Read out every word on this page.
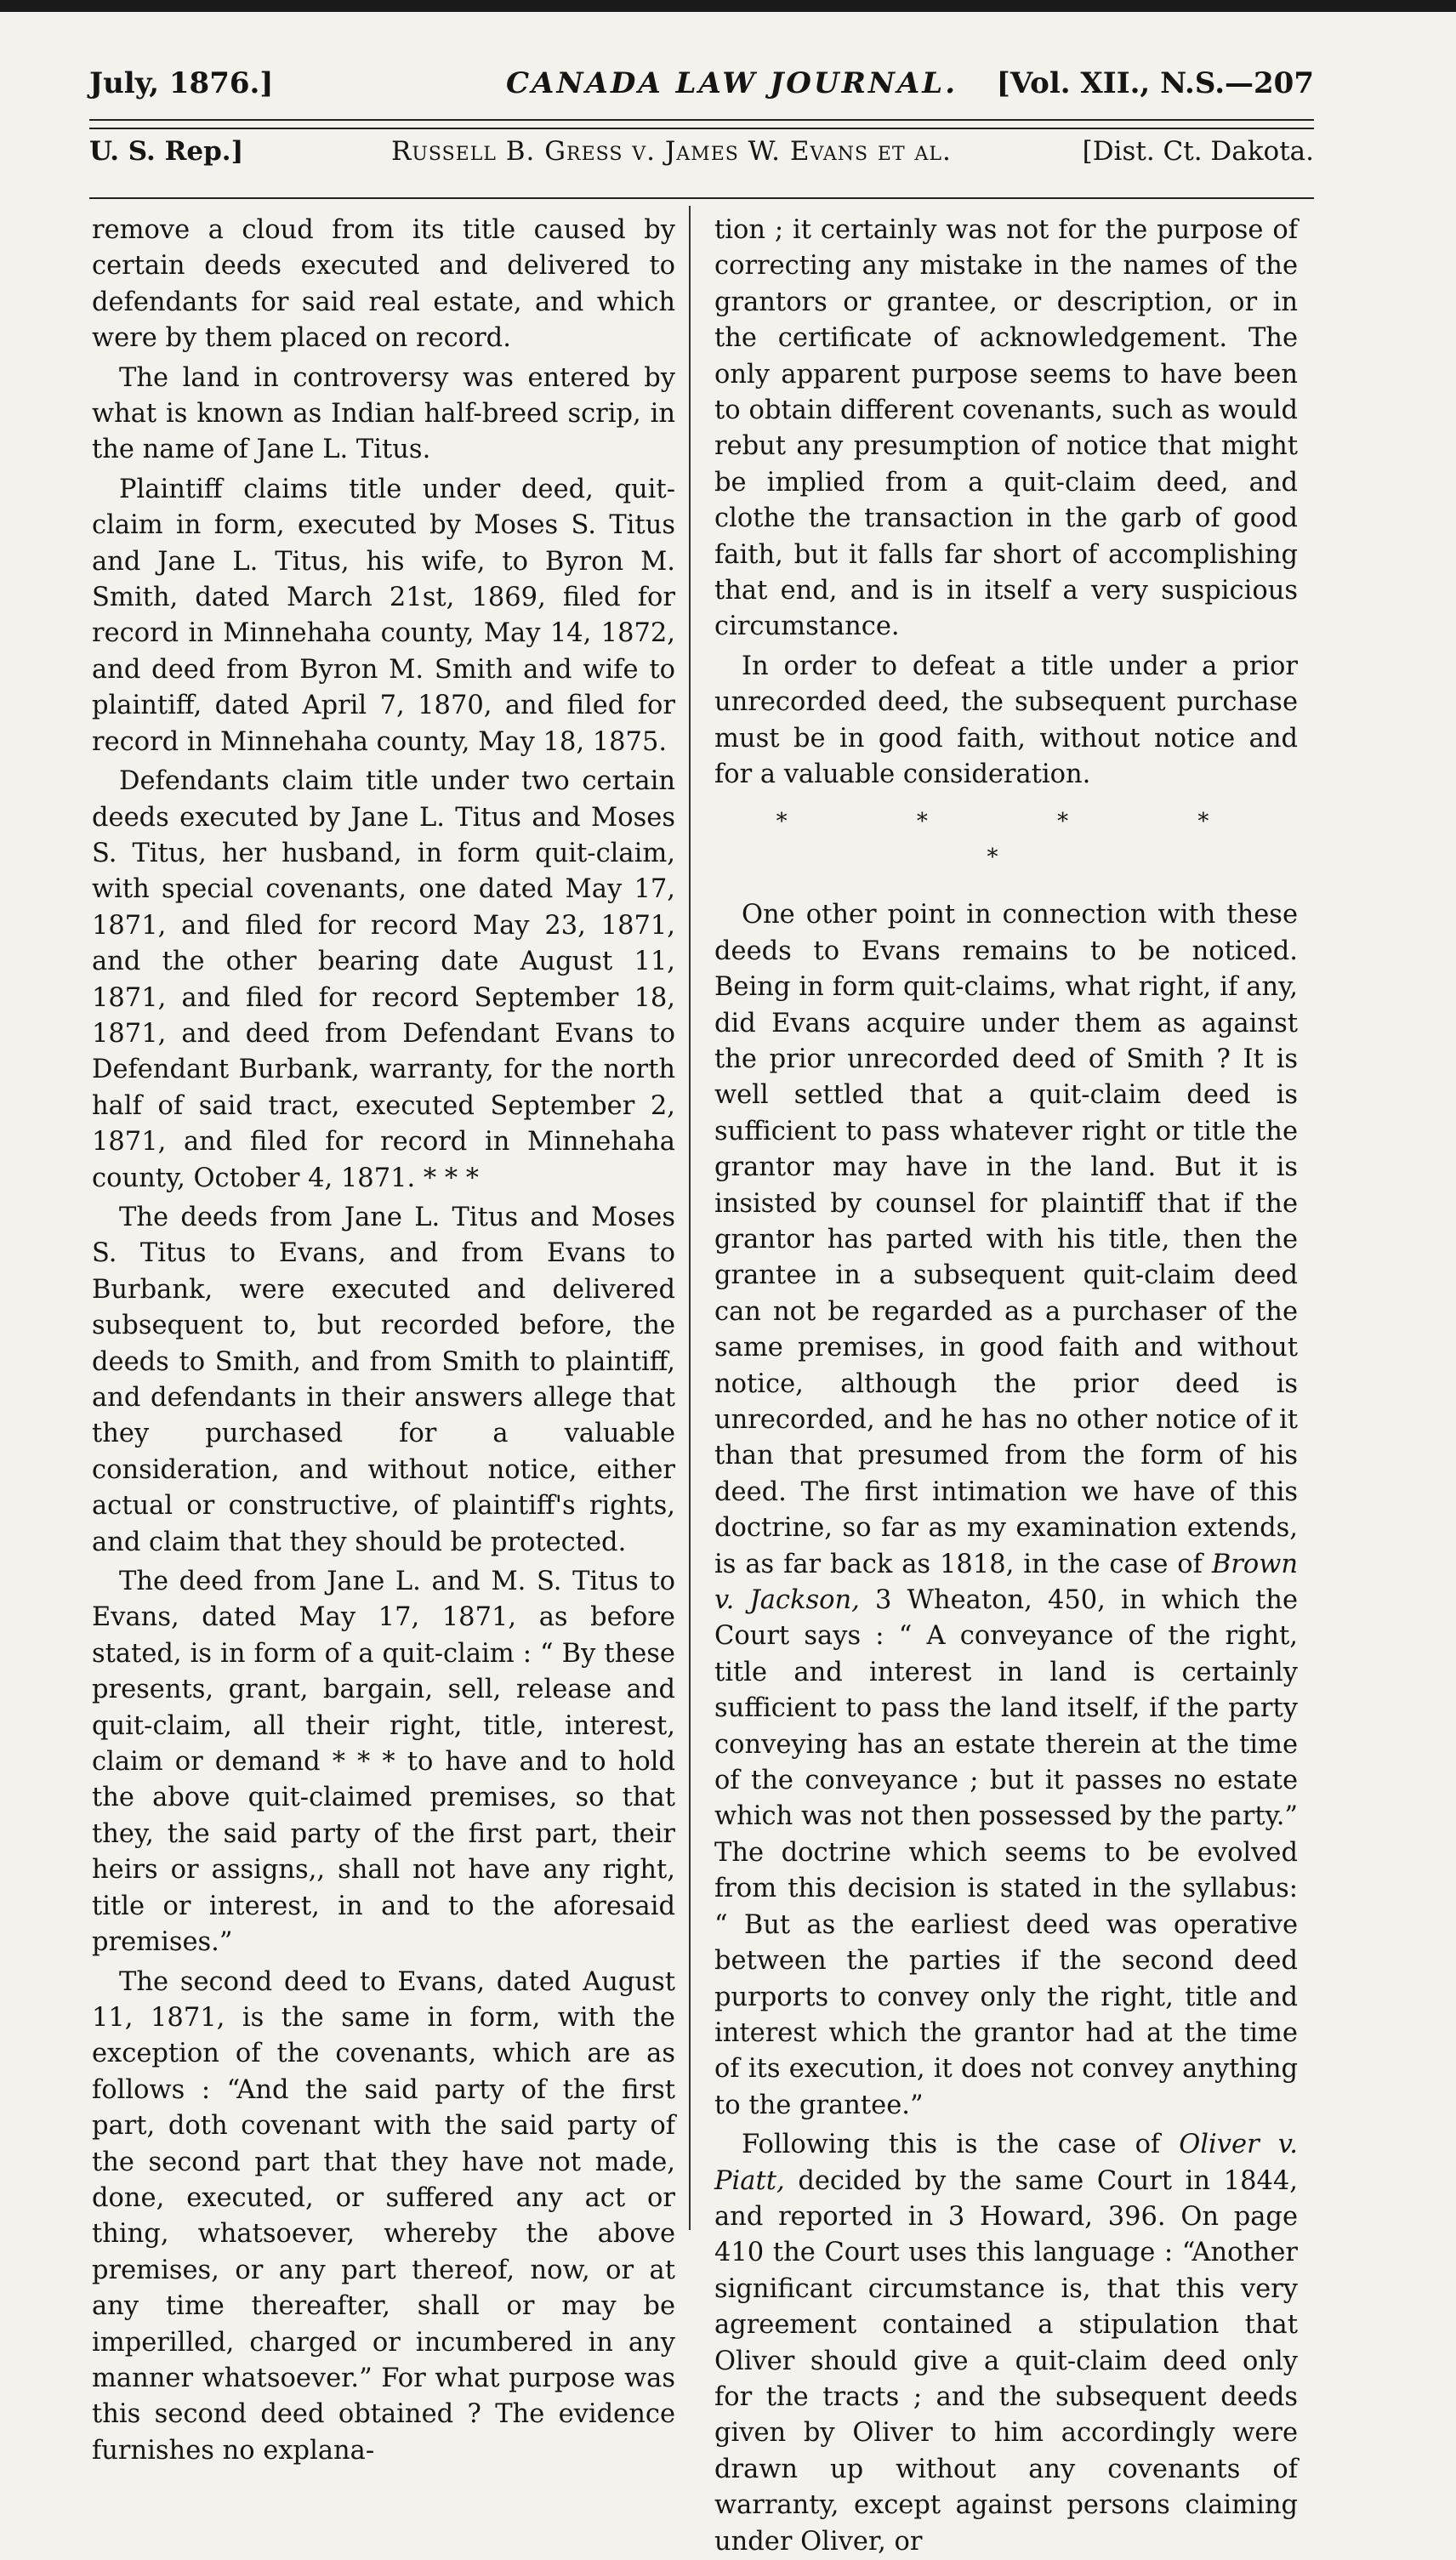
July, 1876.]	CANADA LAW JOURNAL. [Vol. XII., N.S.—207
U. S. Rep.]	Russell B. Gress v. James W. Evans et al.	[Dist. Ct. Dakota.

remove a cloud from its title caused by certain deeds executed and delivered to defendants for said real estate, and which were by them placed on record.

The land in controversy was entered by what is known as Indian half-breed scrip, in the name of Jane L. Titus.

Plaintiff claims title under deed, quit-claim in form, executed by Moses S. Titus and Jane L. Titus, his wife, to Byron M. Smith, dated March 21st, 1869, filed for record in Minnehaha county, May 14, 1872, and deed from Byron M. Smith and wife to plaintiff, dated April 7, 1870, and filed for record in Minnehaha county, May 18, 1875.

Defendants claim title under two certain deeds executed by Jane L. Titus and Moses S. Titus, her husband, in form quit-claim, with special covenants, one dated May 17, 1871, and filed for record May 23, 1871, and the other bearing date August 11, 1871, and filed for record September 18, 1871, and deed from Defendant Evans to Defendant Burbank, warranty, for the north half of said tract, executed September 2, 1871, and filed for record in Minnehaha county, October 4, 1871. * * *

The deeds from Jane L. Titus and Moses S. Titus to Evans, and from Evans to Burbank, were executed and delivered subsequent to, but recorded before, the deeds to Smith, and from Smith to plaintiff, and defendants in their answers allege that they purchased for a valuable consideration, and without notice, either actual or constructive, of plaintiff's rights, and claim that they should be protected.

The deed from Jane L. and M. S. Titus to Evans, dated May 17, 1871, as before stated, is in form of a quit-claim : “ By these presents, grant, bargain, sell, release and quit-claim, all their right, title, interest, claim or demand * * * to have and to hold the above quit-claimed premises, so that they, the said party of the first part, their heirs or assigns,, shall not have any right, title or interest, in and to the aforesaid premises.”

The second deed to Evans, dated August 11, 1871, is the same in form, with the exception of the covenants, which are as follows : “And the said party of the first part, doth covenant with the said party of the second part that they have not made, done, executed, or suffered any act or thing, whatsoever, whereby the above premises, or any part thereof, now, or at any time thereafter, shall or may be imperilled, charged or incumbered in any manner whatsoever.” For what purpose was this second deed obtained ? The evidence furnishes no explana-

tion ; it certainly was not for the purpose of correcting any mistake in the names of the grantors or grantee, or description, or in the certificate of acknowledgement. The only apparent purpose seems to have been to obtain different covenants, such as would rebut any presumption of notice that might be implied from a quit-claim deed, and clothe the transaction in the garb of good faith, but it falls far short of accomplishing that end, and is in itself a very suspicious circumstance.

In order to defeat a title under a prior unrecorded deed, the subsequent purchase must be in good faith, without notice and for a valuable consideration.

* * * * *

One other point in connection with these deeds to Evans remains to be noticed. Being in form quit-claims, what right, if any, did Evans acquire under them as against the prior unrecorded deed of Smith ? It is well settled that a quit-claim deed is sufficient to pass whatever right or title the grantor may have in the land. But it is insisted by counsel for plaintiff that if the grantor has parted with his title, then the grantee in a subsequent quit-claim deed can not be regarded as a purchaser of the same premises, in good faith and without notice, although the prior deed is unrecorded, and he has no other notice of it than that presumed from the form of his deed. The first intimation we have of this doctrine, so far as my examination extends, is as far back as 1818, in the case of Brown v. Jackson, 3 Wheaton, 450, in which the Court says : “ A conveyance of the right, title and interest in land is certainly sufficient to pass the land itself, if the party conveying has an estate therein at the time of the conveyance ; but it passes no estate which was not then possessed by the party.” The doctrine which seems to be evolved from this decision is stated in the syllabus: “ But as the earliest deed was operative between the parties if the second deed purports to convey only the right, title and interest which the grantor had at the time of its execution, it does not convey anything to the grantee.”

Following this is the case of Oliver v. Piatt, decided by the same Court in 1844, and reported in 3 Howard, 396. On page 410 the Court uses this language : “Another significant circumstance is, that this very agreement contained a stipulation that Oliver should give a quit-claim deed only for the tracts ; and the subsequent deeds given by Oliver to him accordingly were drawn up without any covenants of warranty, except against persons claiming under Oliver, or
